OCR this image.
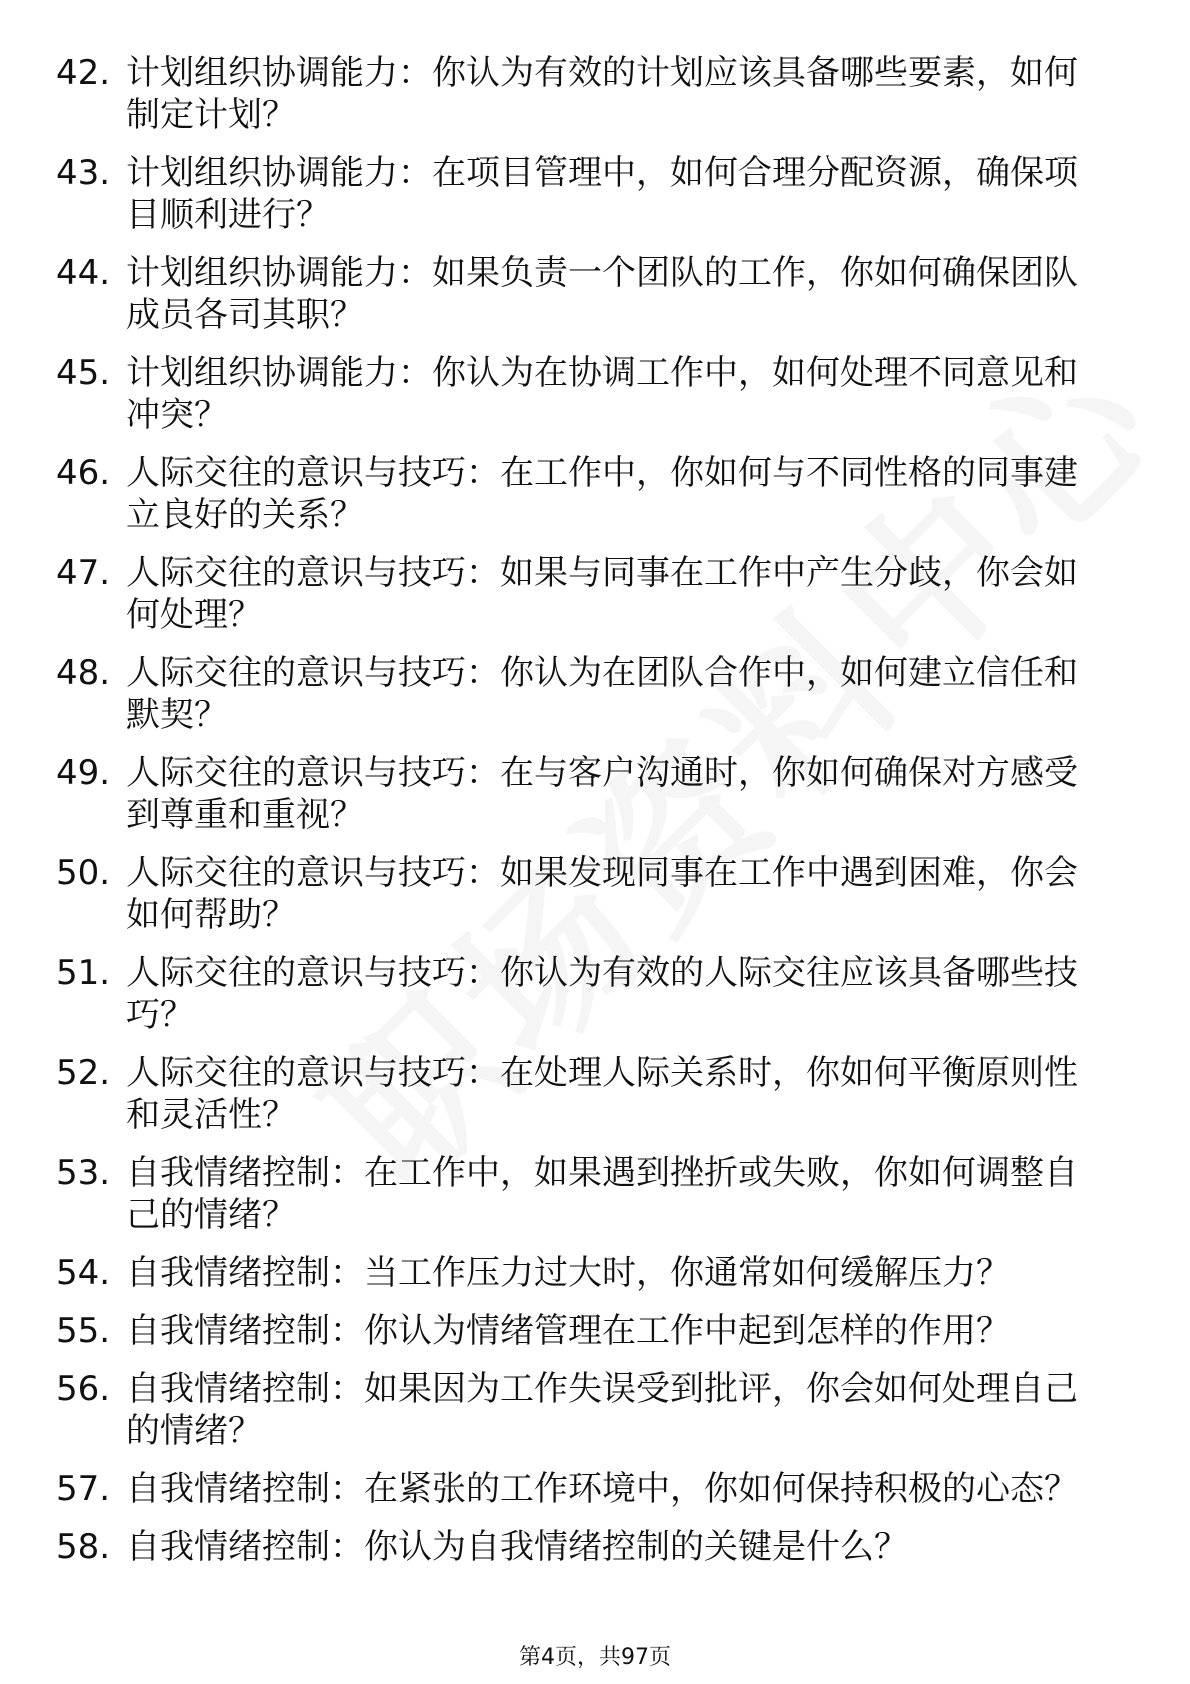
42. 计划组织协调能力：你认为有效的计划应该具备哪些要素，如何制定计划？
43. 计划组织协调能力：在项目管理中，如何合理分配资源，确保项目顺利进行？
44. 计划组织协调能力：如果负责一个团队的工作，你如何确保团队成员各司其职？
45. 计划组织协调能力：你认为在协调工作中，如何处理不同意见和冲突？
46. 人际交往的意识与技巧：在工作中，你如何与不同性格的同事建立良好的关系？
47. 人际交往的意识与技巧：如果与同事在工作中产生分歧，你会如何处理？
48. 人际交往的意识与技巧：你认为在团队合作中，如何建立信任和默契？
49. 人际交往的意识与技巧：在与客户沟通时，你如何确保对方感受到尊重和重视？
50. 人际交往的意识与技巧：如果发现同事在工作中遇到困难，你会如何帮助？
51. 人际交往的意识与技巧：你认为有效的人际交往应该具备哪些技巧？
52. 人际交往的意识与技巧：在处理人际关系时，你如何平衡原则性和灵活性？
53. 自我情绪控制：在工作中，如果遇到挫折或失败，你如何调整自己的情绪？
54. 自我情绪控制：当工作压力过大时，你通常如何缓解压力？
55. 自我情绪控制：你认为情绪管理在工作中起到怎样的作用？
56. 自我情绪控制：如果因为工作失误受到批评，你会如何处理自己的情绪？
57. 自我情绪控制：在紧张的工作环境中，你如何保持积极的心态？
58. 自我情绪控制：你认为自我情绪控制的关键是什么？
第4页，共97页
